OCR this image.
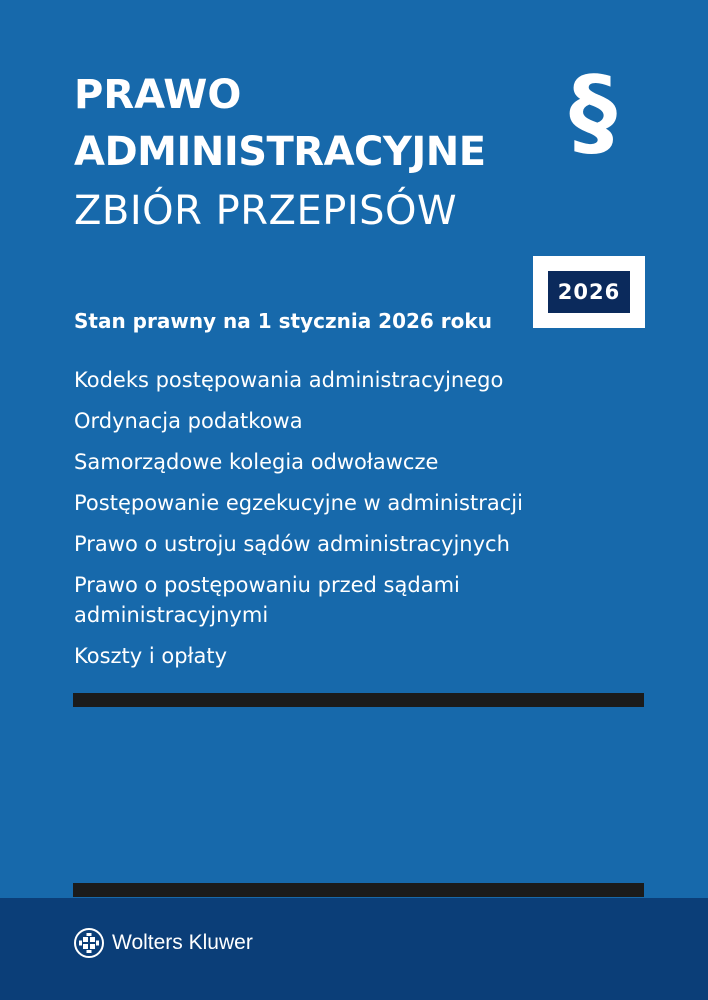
PRAWO
ADMINISTRACYJNE
ZBIÓR PRZEPISÓW
§
2026
Stan prawny na 1 stycznia 2026 roku
Kodeks postępowania administracyjnego
Ordynacja podatkowa
Samorządowe kolegia odwoławcze
Postępowanie egzekucyjne w administracji
Prawo o ustroju sądów administracyjnych
Prawo o postępowaniu przed sądami administracyjnymi
Koszty i opłaty
Wolters Kluwer
